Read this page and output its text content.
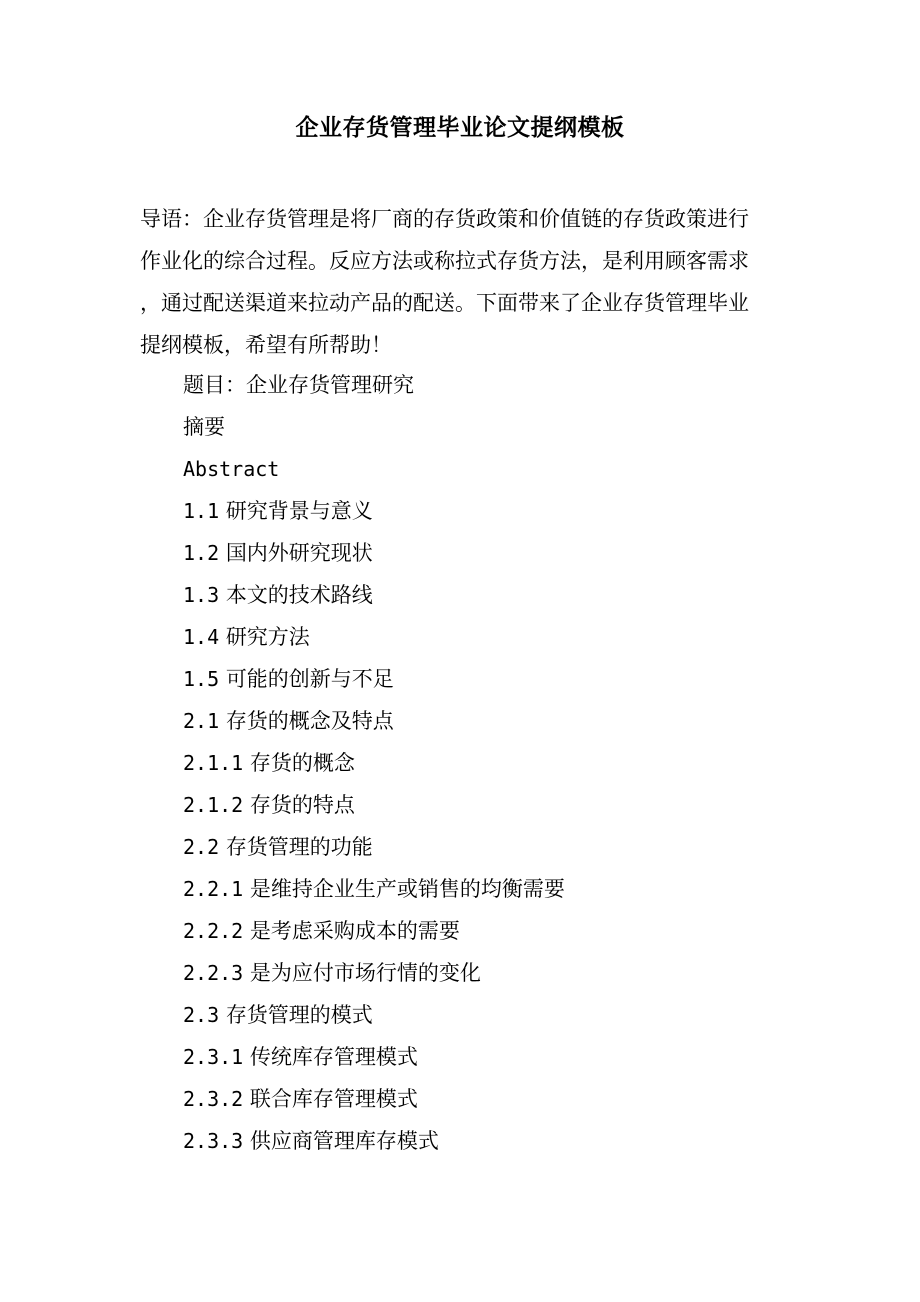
企业存货管理毕业论文提纲模板

导语：企业存货管理是将厂商的存货政策和价值链的存货政策进行
作业化的综合过程。反应方法或称拉式存货方法，是利用顾客需求
，通过配送渠道来拉动产品的配送。下面带来了企业存货管理毕业
提纲模板，希望有所帮助！

题目：企业存货管理研究
摘要
Abstract
1.1 研究背景与意义
1.2 国内外研究现状
1.3 本文的技术路线
1.4 研究方法
1.5 可能的创新与不足
2.1 存货的概念及特点
2.1.1 存货的概念
2.1.2 存货的特点
2.2 存货管理的功能
2.2.1 是维持企业生产或销售的均衡需要
2.2.2 是考虑采购成本的需要
2.2.3 是为应付市场行情的变化
2.3 存货管理的模式
2.3.1 传统库存管理模式
2.3.2 联合库存管理模式
2.3.3 供应商管理库存模式
